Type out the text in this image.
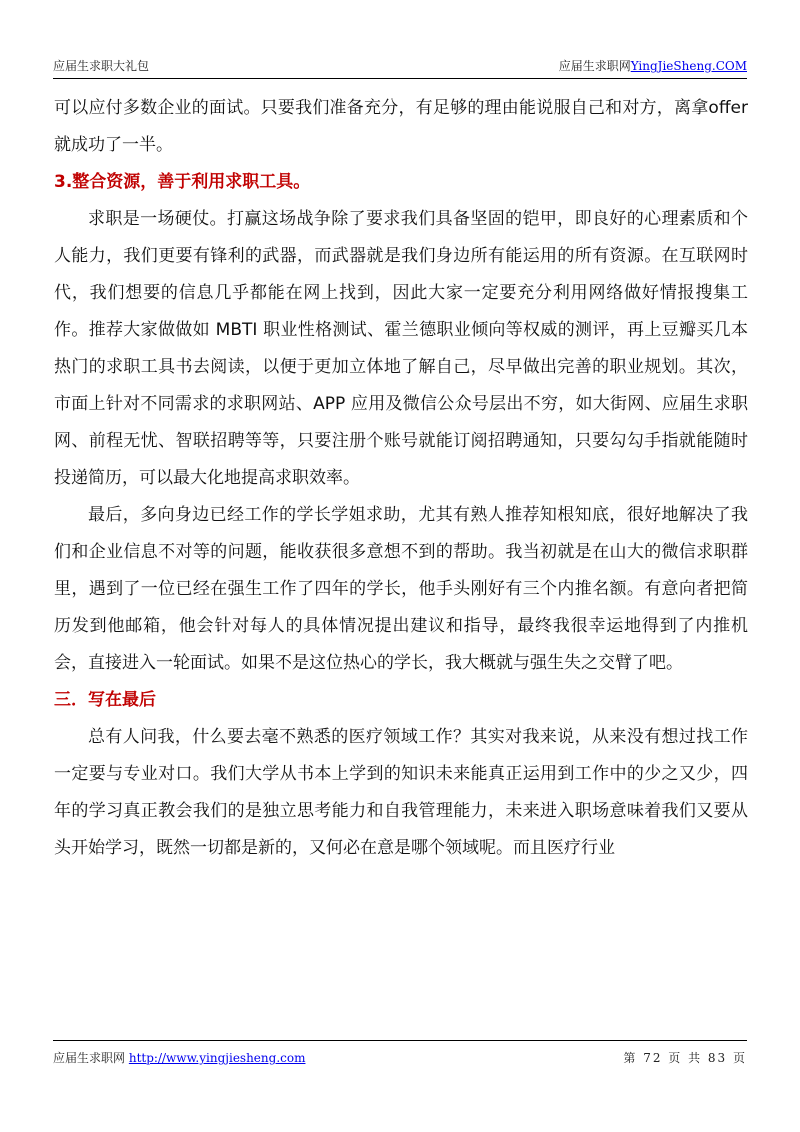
应届生求职大礼包	应届生求职网YingJieSheng.COM

可以应付多数企业的面试。只要我们准备充分，有足够的理由能说服自己和对方，离拿offer 就成功了一半。

3.整合资源，善于利用求职工具。

求职是一场硬仗。打赢这场战争除了要求我们具备坚固的铠甲，即良好的心理素质和个人能力，我们更要有锋利的武器，而武器就是我们身边所有能运用的所有资源。在互联网时代，我们想要的信息几乎都能在网上找到，因此大家一定要充分利用网络做好情报搜集工作。推荐大家做做如 MBTI 职业性格测试、霍兰德职业倾向等权威的测评，再上豆瓣买几本热门的求职工具书去阅读，以便于更加立体地了解自己，尽早做出完善的职业规划。其次，市面上针对不同需求的求职网站、APP 应用及微信公众号层出不穷，如大街网、应届生求职网、前程无忧、智联招聘等等，只要注册个账号就能订阅招聘通知，只要勾勾手指就能随时投递简历，可以最大化地提高求职效率。

最后，多向身边已经工作的学长学姐求助，尤其有熟人推荐知根知底，很好地解决了我们和企业信息不对等的问题，能收获很多意想不到的帮助。我当初就是在山大的微信求职群里，遇到了一位已经在强生工作了四年的学长，他手头刚好有三个内推名额。有意向者把简历发到他邮箱，他会针对每人的具体情况提出建议和指导，最终我很幸运地得到了内推机会，直接进入一轮面试。如果不是这位热心的学长，我大概就与强生失之交臂了吧。

三．写在最后

总有人问我，什么要去毫不熟悉的医疗领域工作？其实对我来说，从来没有想过找工作一定要与专业对口。我们大学从书本上学到的知识未来能真正运用到工作中的少之又少，四年的学习真正教会我们的是独立思考能力和自我管理能力，未来进入职场意味着我们又要从头开始学习，既然一切都是新的，又何必在意是哪个领域呢。而且医疗行业

应届生求职网 http://www.yingjiesheng.com	第 72 页 共 83 页
